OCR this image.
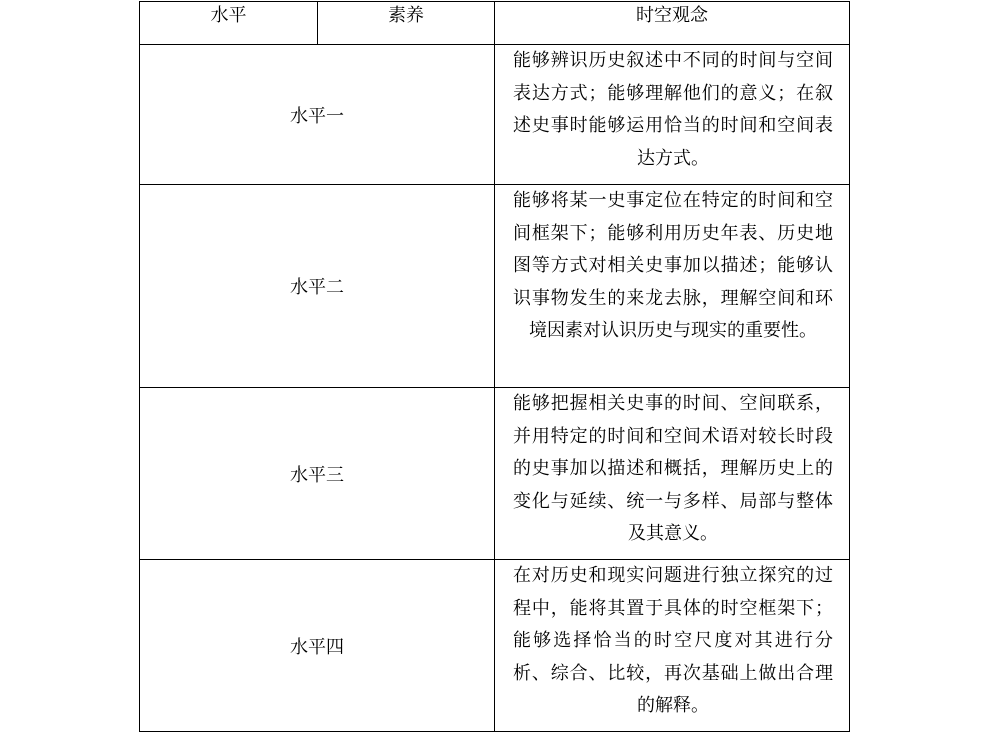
水平	素养	时空观念
水平一		能够辨识历史叙述中不同的时间与空间表达方式；能够理解他们的意义；在叙述史事时能够运用恰当的时间和空间表达方式。

水平二		能够将某一史事定位在特定的时间和空间框架下；能够利用历史年表、历史地图等方式对相关史事加以描述；能够认识事物发生的来龙去脉，理解空间和环境因素对认识历史与现实的重要性。

水平三		能够把握相关史事的时间、空间联系，并用特定的时间和空间术语对较长时段的史事加以描述和概括，理解历史上的变化与延续、统一与多样、局部与整体及其意义。

水平四		在对历史和现实问题进行独立探究的过程中，能将其置于具体的时空框架下；能够选择恰当的时空尺度对其进行分析、综合、比较，再次基础上做出合理的解释。
